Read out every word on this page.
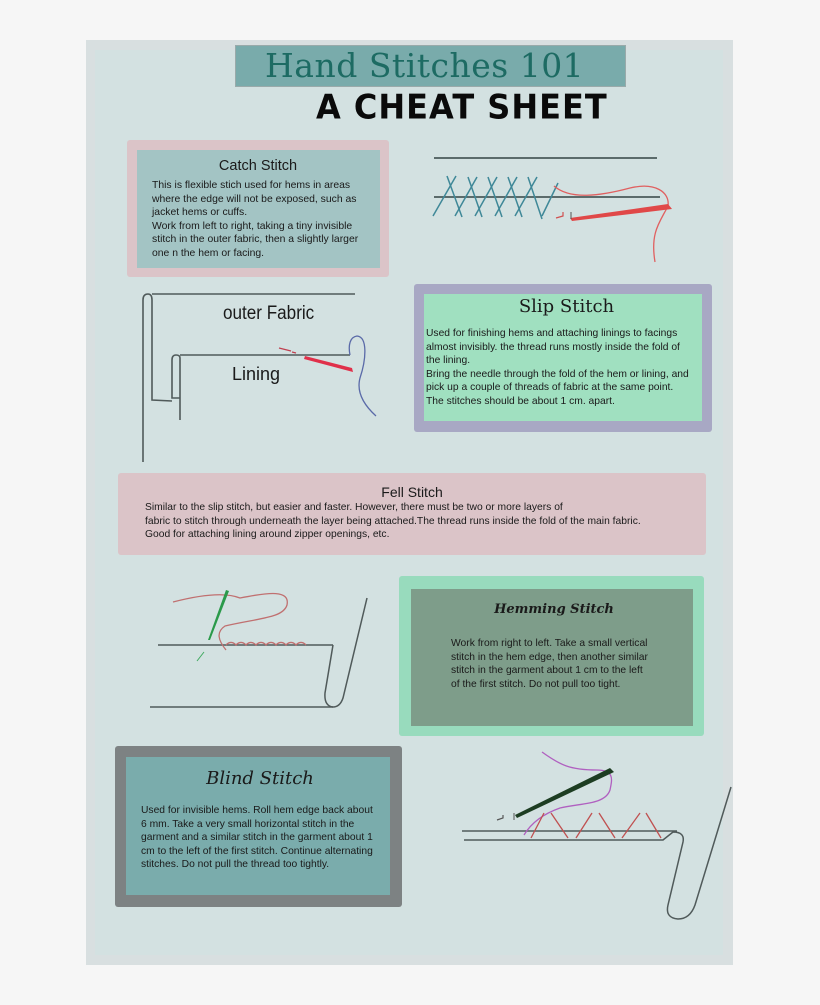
Hand Stitches 101
A CHEAT SHEET
Catch Stitch
This is flexible stich used for hems in areas
where the edge will not be exposed, such as
jacket hems or cuffs.
Work from left to right, taking a tiny invisible
stitch in the outer fabric, then a slightly larger
one n the hem or facing.
outer Fabric
Lining
Slip Stitch
Used for finishing hems and attaching linings to facings
almost invisibly. the thread runs mostly inside the fold of
the lining.
Bring the needle through the fold of the hem or lining, and
pick up a couple of threads of fabric at the same point.
The stitches should be about 1 cm. apart.
Fell Stitch
Similar to the slip stitch, but easier and faster. However, there must be two or more layers of
fabric to stitch through underneath the layer being attached.The thread runs inside the fold of the main fabric.
Good for attaching lining around zipper openings, etc.
Hemming Stitch
Work from right to left. Take a small vertical
stitch in the hem edge, then another similar
stitch in the garment about 1 cm to the left
of the first stitch. Do not pull too tight.
Blind Stitch
Used for invisible hems. Roll hem edge back about
6 mm. Take a very small horizontal stitch in the
garment and a similar stitch in the garment about 1
cm to the left of the first stitch. Continue alternating
stitches. Do not pull the thread too tightly.
